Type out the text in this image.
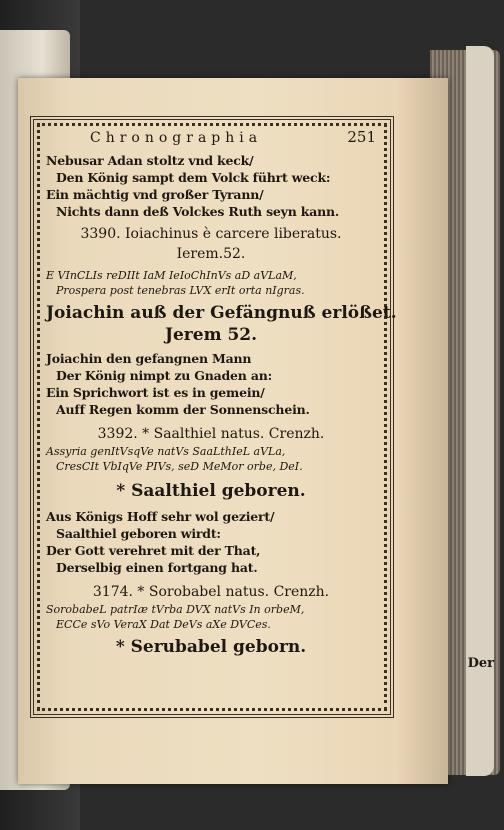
Chronographia	251
Nebusar Adan stoltz vnd keck/
Den König sampt dem Volck führt weck:
Ein mächtig vnd großer Tyrann/
Nichts dann deß Volckes Ruth seyn kann.
3390. Ioiachinus è carcere liberatus.
Ierem.52.
E VInCLIs reDIIt IaM IeIoChInVs aD aVLaM,
Prospera post tenebras LVX erIt orta nIgras.
Joiachin auß der Gefängnuß erlößet.
Jerem 52.
Joiachin den gefangnen Mann
Der König nimpt zu Gnaden an:
Ein Sprichwort ist es in gemein/
Auff Regen komm der Sonnenschein.
3392. * Saalthiel natus. Crenzh.
Assyria genItVsqVe natVs SaaLthIeL aVLa,
CresCIt VbIqVe PIVs, seD MeMor orbe, DeI.
* Saalthiel geboren.
Aus Königs Hoff sehr wol geziert/
Saalthiel geboren wirdt:
Der Gott verehret mit der That,
Derselbig einen fortgang hat.
3174. * Sorobabel natus. Crenzh.
SorobabeL patrIæ tVrba DVX natVs In orbeM,
ECCe sVo VeraX Dat DeVs aXe DVCes.
* Serubabel geborn.
Der
